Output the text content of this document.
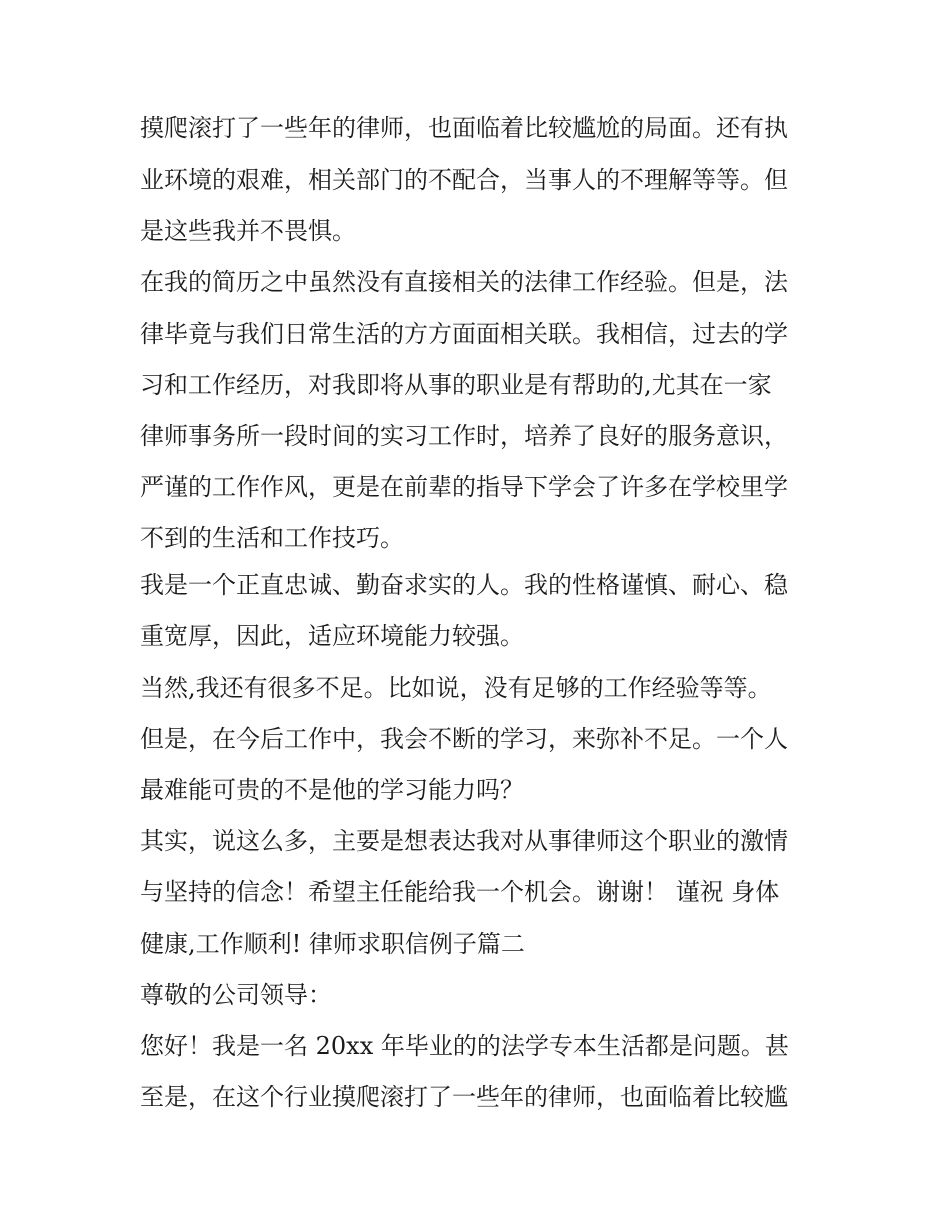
摸爬滚打了一些年的律师，也面临着比较尴尬的局面。还有执
业环境的艰难，相关部门的不配合，当事人的不理解等等。但
是这些我并不畏惧。
在我的简历之中虽然没有直接相关的法律工作经验。但是，法
律毕竟与我们日常生活的方方面面相关联。我相信，过去的学
习和工作经历，对我即将从事的职业是有帮助的,尤其在一家
律师事务所一段时间的实习工作时，培养了良好的服务意识，
严谨的工作作风，更是在前辈的指导下学会了许多在学校里学
不到的生活和工作技巧。
我是一个正直忠诚、勤奋求实的人。我的性格谨慎、耐心、稳
重宽厚，因此，适应环境能力较强。
当然,我还有很多不足。比如说，没有足够的工作经验等等。
但是，在今后工作中，我会不断的学习，来弥补不足。一个人
最难能可贵的不是他的学习能力吗？
其实，说这么多，主要是想表达我对从事律师这个职业的激情
与坚持的信念！希望主任能给我一个机会。谢谢！ 谨祝 身体
健康,工作顺利! 律师求职信例子篇二
尊敬的公司领导：
您好！我是一名 20xx 年毕业的的法学专本生活都是问题。甚
至是，在这个行业摸爬滚打了一些年的律师，也面临着比较尴
